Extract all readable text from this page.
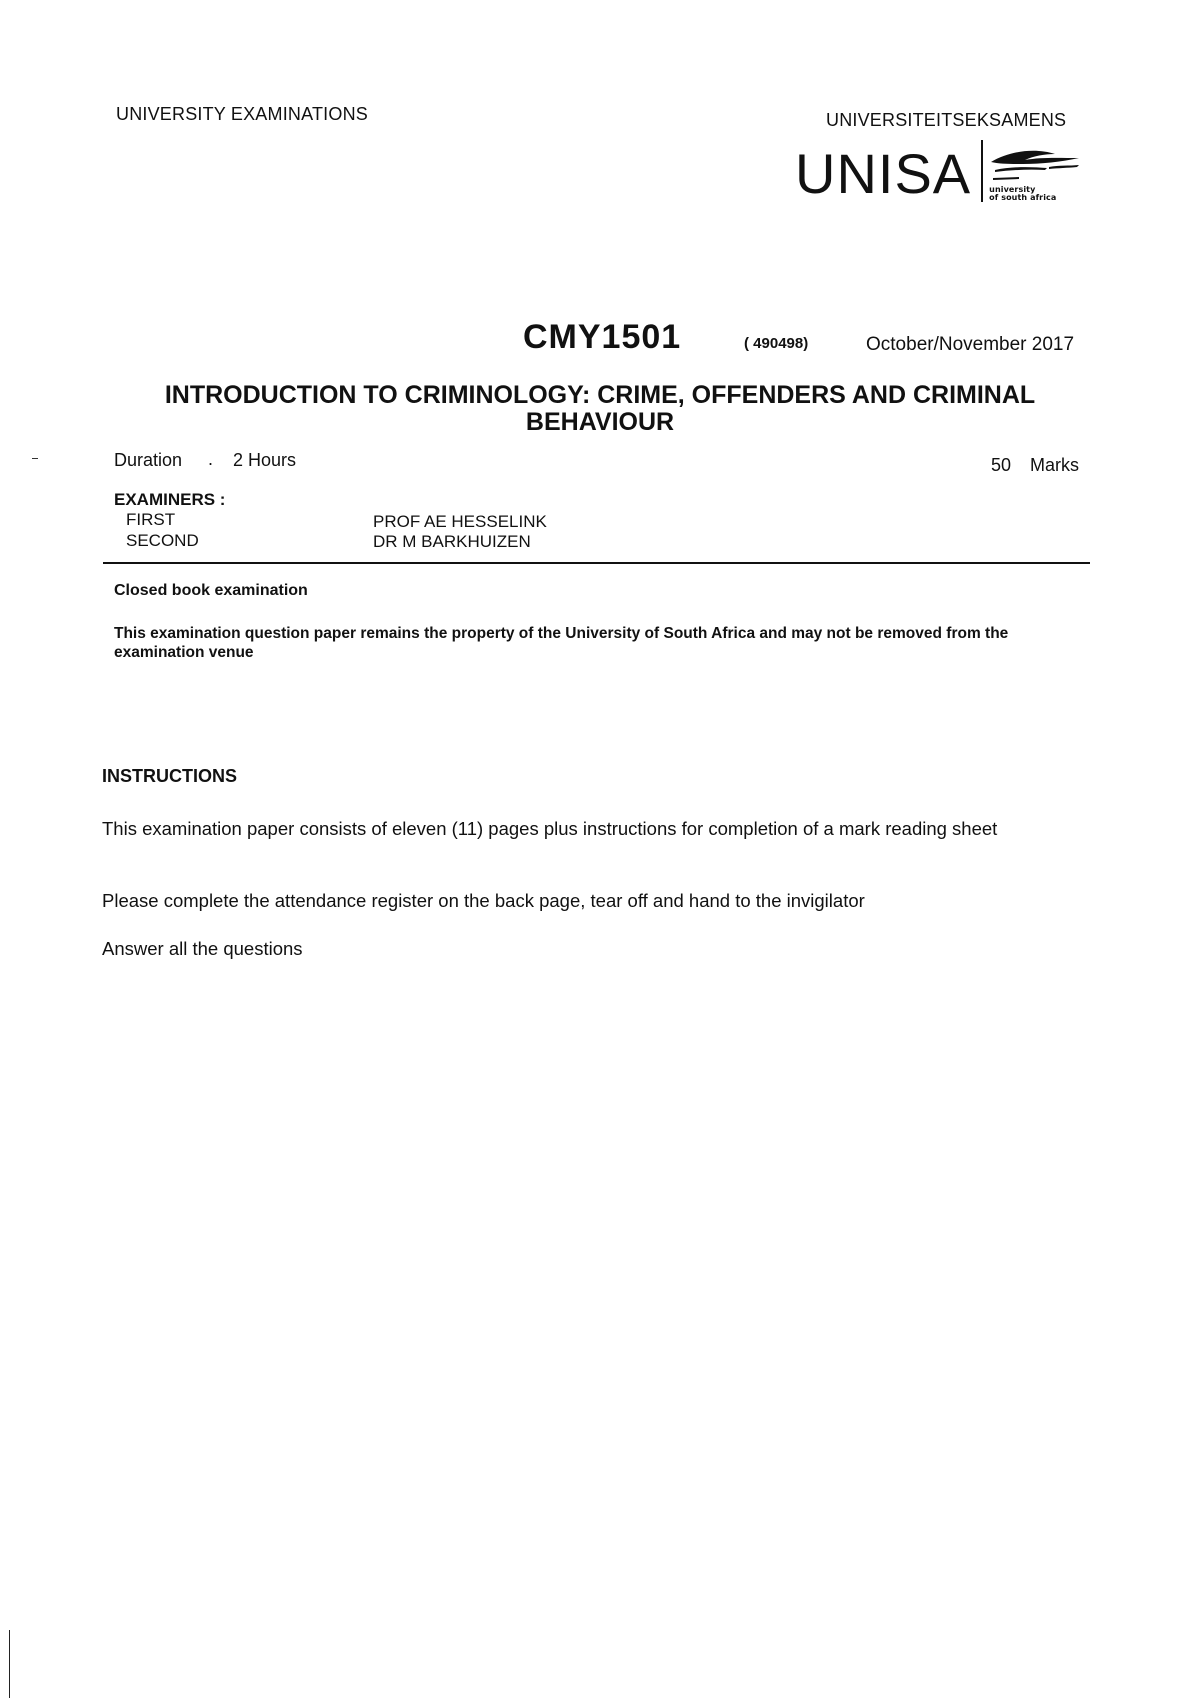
UNIVERSITY EXAMINATIONS	UNIVERSITEITSEKSAMENS
UNISA university
of south africa
CMY1501	( 490498)	October/November 2017
INTRODUCTION TO CRIMINOLOGY: CRIME, OFFENDERS AND CRIMINAL BEHAVIOUR
Duration . 2 Hours	50 Marks
EXAMINERS :
FIRST	PROF AE HESSELINK
SECOND	DR M BARKHUIZEN
Closed book examination
This examination question paper remains the property of the University of South Africa and may not be removed from the examination venue
INSTRUCTIONS
This examination paper consists of eleven (11) pages plus instructions for completion of a mark reading sheet
Please complete the attendance register on the back page, tear off and hand to the invigilator
Answer all the questions
